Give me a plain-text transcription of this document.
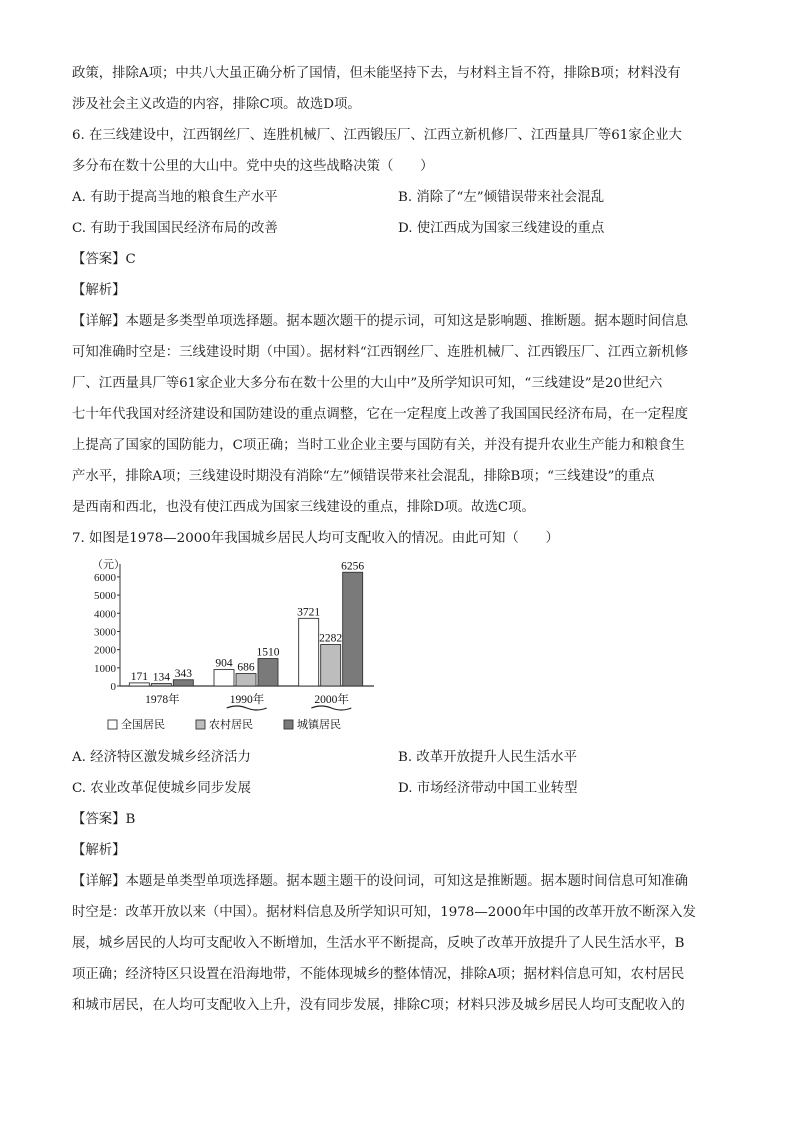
政策，排除A项；中共八大虽正确分析了国情，但未能坚持下去，与材料主旨不符，排除B项；材料没有

涉及社会主义改造的内容，排除C项。故选D项。

6. 在三线建设中，江西钢丝厂、连胜机械厂、江西锻压厂、江西立新机修厂、江西量具厂等61家企业大

多分布在数十公里的大山中。党中央的这些战略决策（　　）

A. 有助于提高当地的粮食生产水平	B. 消除了“左”倾错误带来社会混乱
C. 有助于我国国民经济布局的改善	D. 使江西成为国家三线建设的重点

【答案】C

【解析】

【详解】本题是多类型单项选择题。据本题次题干的提示词，可知这是影响题、推断题。据本题时间信息

可知准确时空是：三线建设时期（中国）。据材料“江西钢丝厂、连胜机械厂、江西锻压厂、江西立新机修

厂、江西量具厂等61家企业大多分布在数十公里的大山中”及所学知识可知，“三线建设”是20世纪六

七十年代我国对经济建设和国防建设的重点调整，它在一定程度上改善了我国国民经济布局，在一定程度

上提高了国家的国防能力，C项正确；当时工业企业主要与国防有关，并没有提升农业生产能力和粮食生

产水平，排除A项；三线建设时期没有消除“左”倾错误带来社会混乱，排除B项；“三线建设”的重点

是西南和西北，也没有使江西成为国家三线建设的重点，排除D项。故选C项。

7. 如图是1978—2000年我国城乡居民人均可支配收入的情况。由此可知（　　）

（元）
0
1000
2000
3000
4000
5000
6000
171 134 343
1978年
904 686
1510
1990年
3721
2282
6256
2000年
全国居民	农村居民	城镇居民
A. 经济特区激发城乡经济活力	B. 改革开放提升人民生活水平
C. 农业改革促使城乡同步发展	D. 市场经济带动中国工业转型

【答案】B

【解析】

【详解】本题是单类型单项选择题。据本题主题干的设问词，可知这是推断题。据本题时间信息可知准确

时空是：改革开放以来（中国）。据材料信息及所学知识可知，1978—2000年中国的改革开放不断深入发

展，城乡居民的人均可支配收入不断增加，生活水平不断提高，反映了改革开放提升了人民生活水平，B

项正确；经济特区只设置在沿海地带，不能体现城乡的整体情况，排除A项；据材料信息可知，农村居民

和城市居民，在人均可支配收入上升，没有同步发展，排除C项；材料只涉及城乡居民人均可支配收入的
